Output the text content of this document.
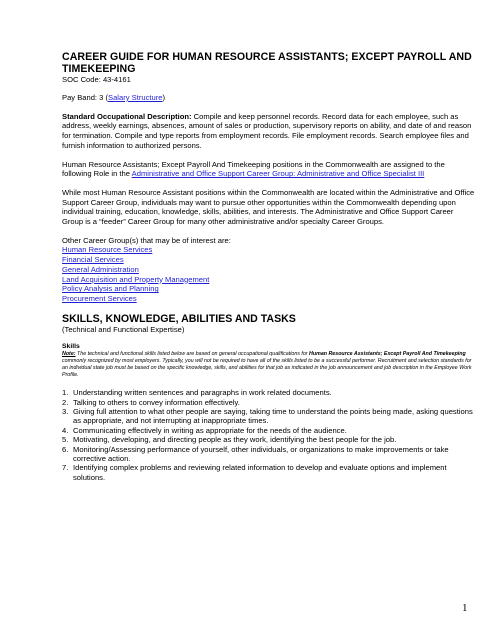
CAREER GUIDE FOR HUMAN RESOURCE ASSISTANTS; EXCEPT PAYROLL AND TIMEKEEPING
SOC Code: 43-4161

Pay Band: 3 (Salary Structure)

Standard Occupational Description: Compile and keep personnel records. Record data for each employee, such as address, weekly earnings, absences, amount of sales or production, supervisory reports on ability, and date of and reason for termination. Compile and type reports from employment records. File employment records. Search employee files and furnish information to authorized persons.

Human Resource Assistants; Except Payroll And Timekeeping positions in the Commonwealth are assigned to the following Role in the Administrative and Office Support Career Group: Administrative and Office Specialist III

While most Human Resource Assistant positions within the Commonwealth are located within the Administrative and Office Support Career Group, individuals may want to pursue other opportunities within the Commonwealth depending upon individual training, education, knowledge, skills, abilities, and interests. The Administrative and Office Support Career Group is a “feeder” Career Group for many other administrative and/or specialty Career Groups.

Other Career Group(s) that may be of interest are:

Human Resource Services
Financial Services
General Administration
Land Acquisition and Property Management
Policy Analysis and Planning
Procurement Services
SKILLS, KNOWLEDGE, ABILITIES AND TASKS
(Technical and Functional Expertise)
Skills

Note: The technical and functional skills listed below are based on general occupational qualifications for Human Resource Assistants; Except Payroll And Timekeeping commonly recognized by most employers. Typically, you will not be required to have all of the skills listed to be a successful performer. Recruitment and selection standards for an individual state job must be based on the specific knowledge, skills, and abilities for that job as indicated in the job announcement and job description in the Employee Work Profile.

1. Understanding written sentences and paragraphs in work related documents.
2. Talking to others to convey information effectively.
3. Giving full attention to what other people are saying, taking time to understand the points being made, asking questions as appropriate, and not interrupting at inappropriate times.
4. Communicating effectively in writing as appropriate for the needs of the audience.
5. Motivating, developing, and directing people as they work, identifying the best people for the job.
6. Monitoring/Assessing performance of yourself, other individuals, or organizations to make improvements or take corrective action.
7. Identifying complex problems and reviewing related information to develop and evaluate options and implement solutions.
1
